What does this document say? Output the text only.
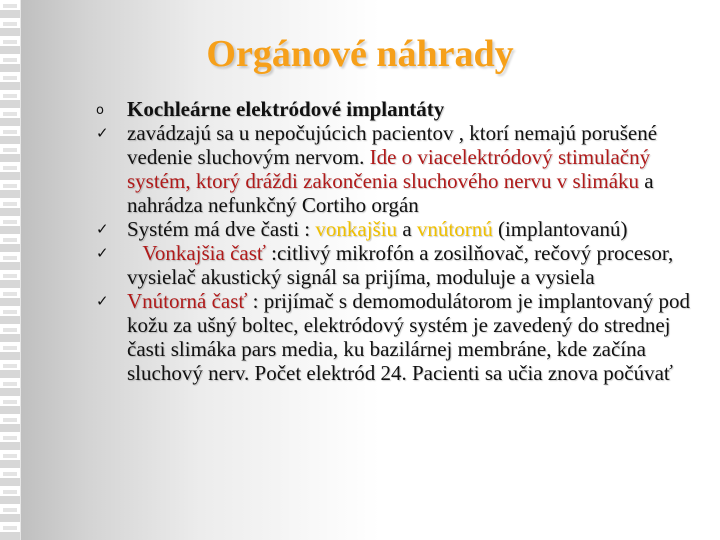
Orgánové náhrady
o Kochleárne elektródové implantáty
✓ zavádzajú sa u nepočujúcich pacientov , ktorí nemajú porušené vedenie sluchovým nervom. Ide o viacelektródový stimulačný systém, ktorý dráždi zakončenia sluchového nervu v slimáku a nahrádza nefunkčný Cortiho orgán
✓ Systém má dve časti : vonkajšiu a vnútornú (implantovanú)
✓ Vonkajšia časť :citlivý mikrofón a zosilňovač, rečový procesor, vysielač akustický signál sa prijíma, moduluje a vysiela
✓ Vnútorná časť : prijímač s demomodulátorom je implantovaný pod kožu za ušný boltec, elektródový systém je zavedený do strednej časti slimáka pars media, ku bazilárnej membráne, kde začína sluchový nerv. Počet elektród 24. Pacienti sa učia znova počúvať
